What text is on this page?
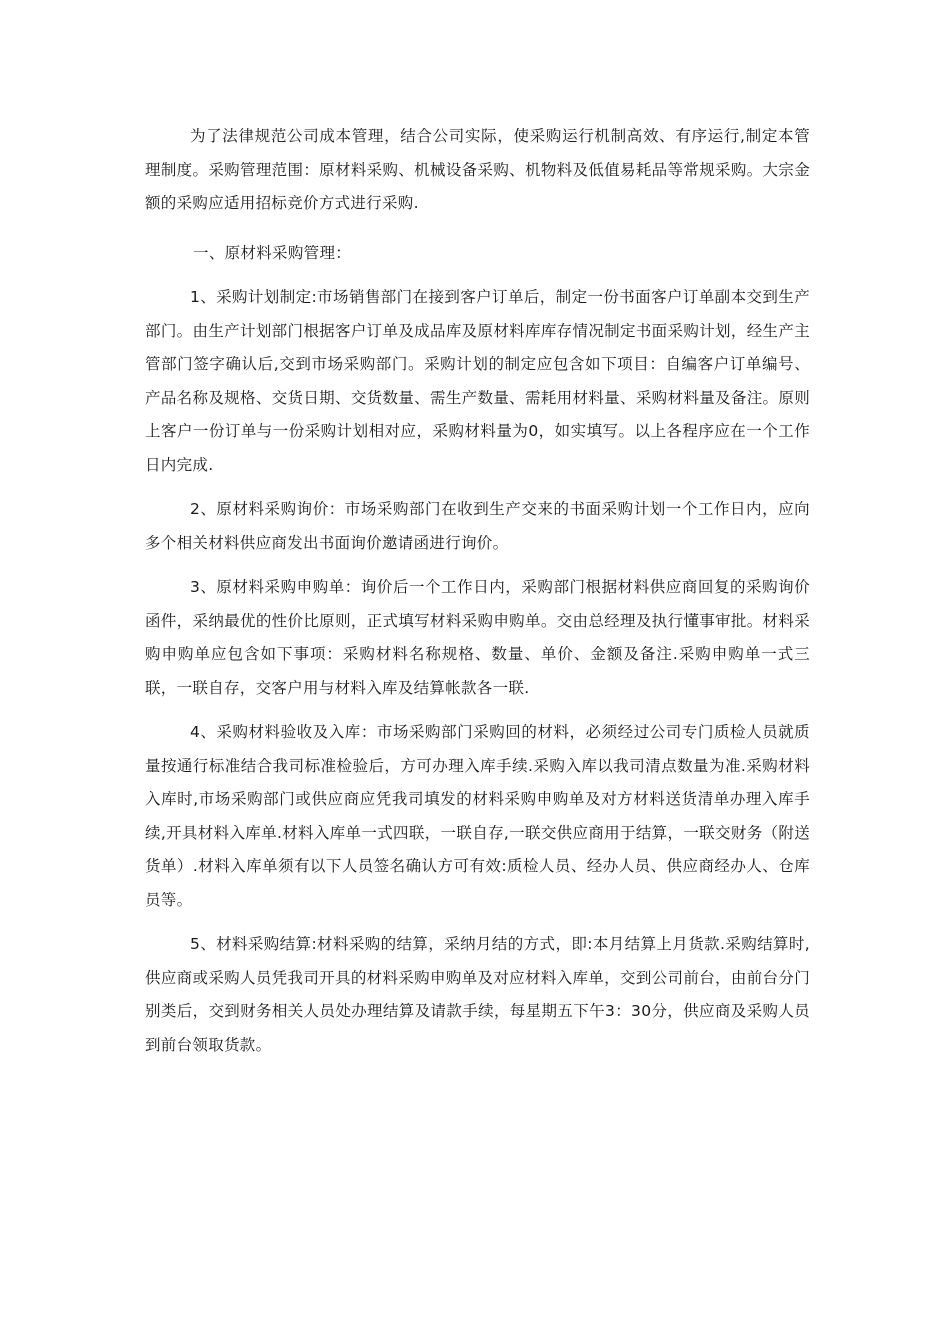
为了法律规范公司成本管理，结合公司实际，使采购运行机制高效、有序运行,制定本管理制度。采购管理范围：原材料采购、机械设备采购、机物料及低值易耗品等常规采购。大宗金额的采购应适用招标竞价方式进行采购.

一、原材料采购管理：

1、采购计划制定:市场销售部门在接到客户订单后，制定一份书面客户订单副本交到生产部门。由生产计划部门根据客户订单及成品库及原材料库库存情况制定书面采购计划，经生产主管部门签字确认后,交到市场采购部门。采购计划的制定应包含如下项目：自编客户订单编号、产品名称及规格、交货日期、交货数量、需生产数量、需耗用材料量、采购材料量及备注。原则上客户一份订单与一份采购计划相对应，采购材料量为0，如实填写。以上各程序应在一个工作日内完成.

2、原材料采购询价：市场采购部门在收到生产交来的书面采购计划一个工作日内，应向多个相关材料供应商发出书面询价邀请函进行询价。

3、原材料采购申购单：询价后一个工作日内，采购部门根据材料供应商回复的采购询价函件，采纳最优的性价比原则，正式填写材料采购申购单。交由总经理及执行懂事审批。材料采购申购单应包含如下事项：采购材料名称规格、数量、单价、金额及备注.采购申购单一式三联，一联自存，交客户用与材料入库及结算帐款各一联.

4、采购材料验收及入库：市场采购部门采购回的材料，必须经过公司专门质检人员就质量按通行标准结合我司标准检验后，方可办理入库手续.采购入库以我司清点数量为准.采购材料入库时,市场采购部门或供应商应凭我司填发的材料采购申购单及对方材料送货清单办理入库手续,开具材料入库单.材料入库单一式四联，一联自存,一联交供应商用于结算，一联交财务（附送货单）.材料入库单须有以下人员签名确认方可有效:质检人员、经办人员、供应商经办人、仓库员等。

5、材料采购结算:材料采购的结算，采纳月结的方式，即:本月结算上月货款.采购结算时,供应商或采购人员凭我司开具的材料采购申购单及对应材料入库单，交到公司前台，由前台分门别类后，交到财务相关人员处办理结算及请款手续，每星期五下午3：30分，供应商及采购人员到前台领取货款。
